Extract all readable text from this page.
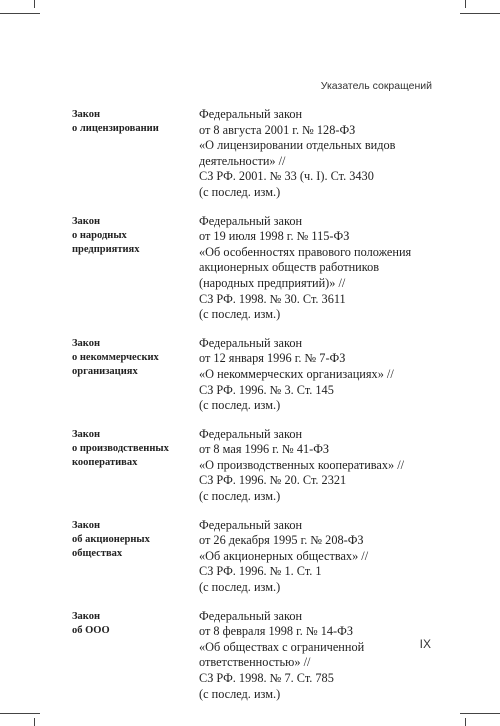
Указатель сокращений
Закон
о лицензировании
Федеральный закон
от 8 августа 2001 г. № 128-ФЗ
«О лицензировании отдельных видов
деятельности» //
СЗ РФ. 2001. № 33 (ч. I). Ст. 3430
(с послед. изм.)
Закон
о народных
предприятиях
Федеральный закон
от 19 июля 1998 г. № 115-ФЗ
«Об особенностях правового положения
акционерных обществ работников
(народных предприятий)» //
СЗ РФ. 1998. № 30. Ст. 3611
(с послед. изм.)
Закон
о некоммерческих
организациях
Федеральный закон
от 12 января 1996 г. № 7-ФЗ
«О некоммерческих организациях» //
СЗ РФ. 1996. № 3. Ст. 145
(с послед. изм.)
Закон
о производственных
кооперативах
Федеральный закон
от 8 мая 1996 г. № 41-ФЗ
«О производственных кооперативах» //
СЗ РФ. 1996. № 20. Ст. 2321
(с послед. изм.)
Закон
об акционерных
обществах
Федеральный закон
от 26 декабря 1995 г. № 208-ФЗ
«Об акционерных обществах» //
СЗ РФ. 1996. № 1. Ст. 1
(с послед. изм.)
Закон
об ООО
Федеральный закон
от 8 февраля 1998 г. № 14-ФЗ
«Об обществах с ограниченной
ответственностью» //
СЗ РФ. 1998. № 7. Ст. 785
(с послед. изм.)
IX
